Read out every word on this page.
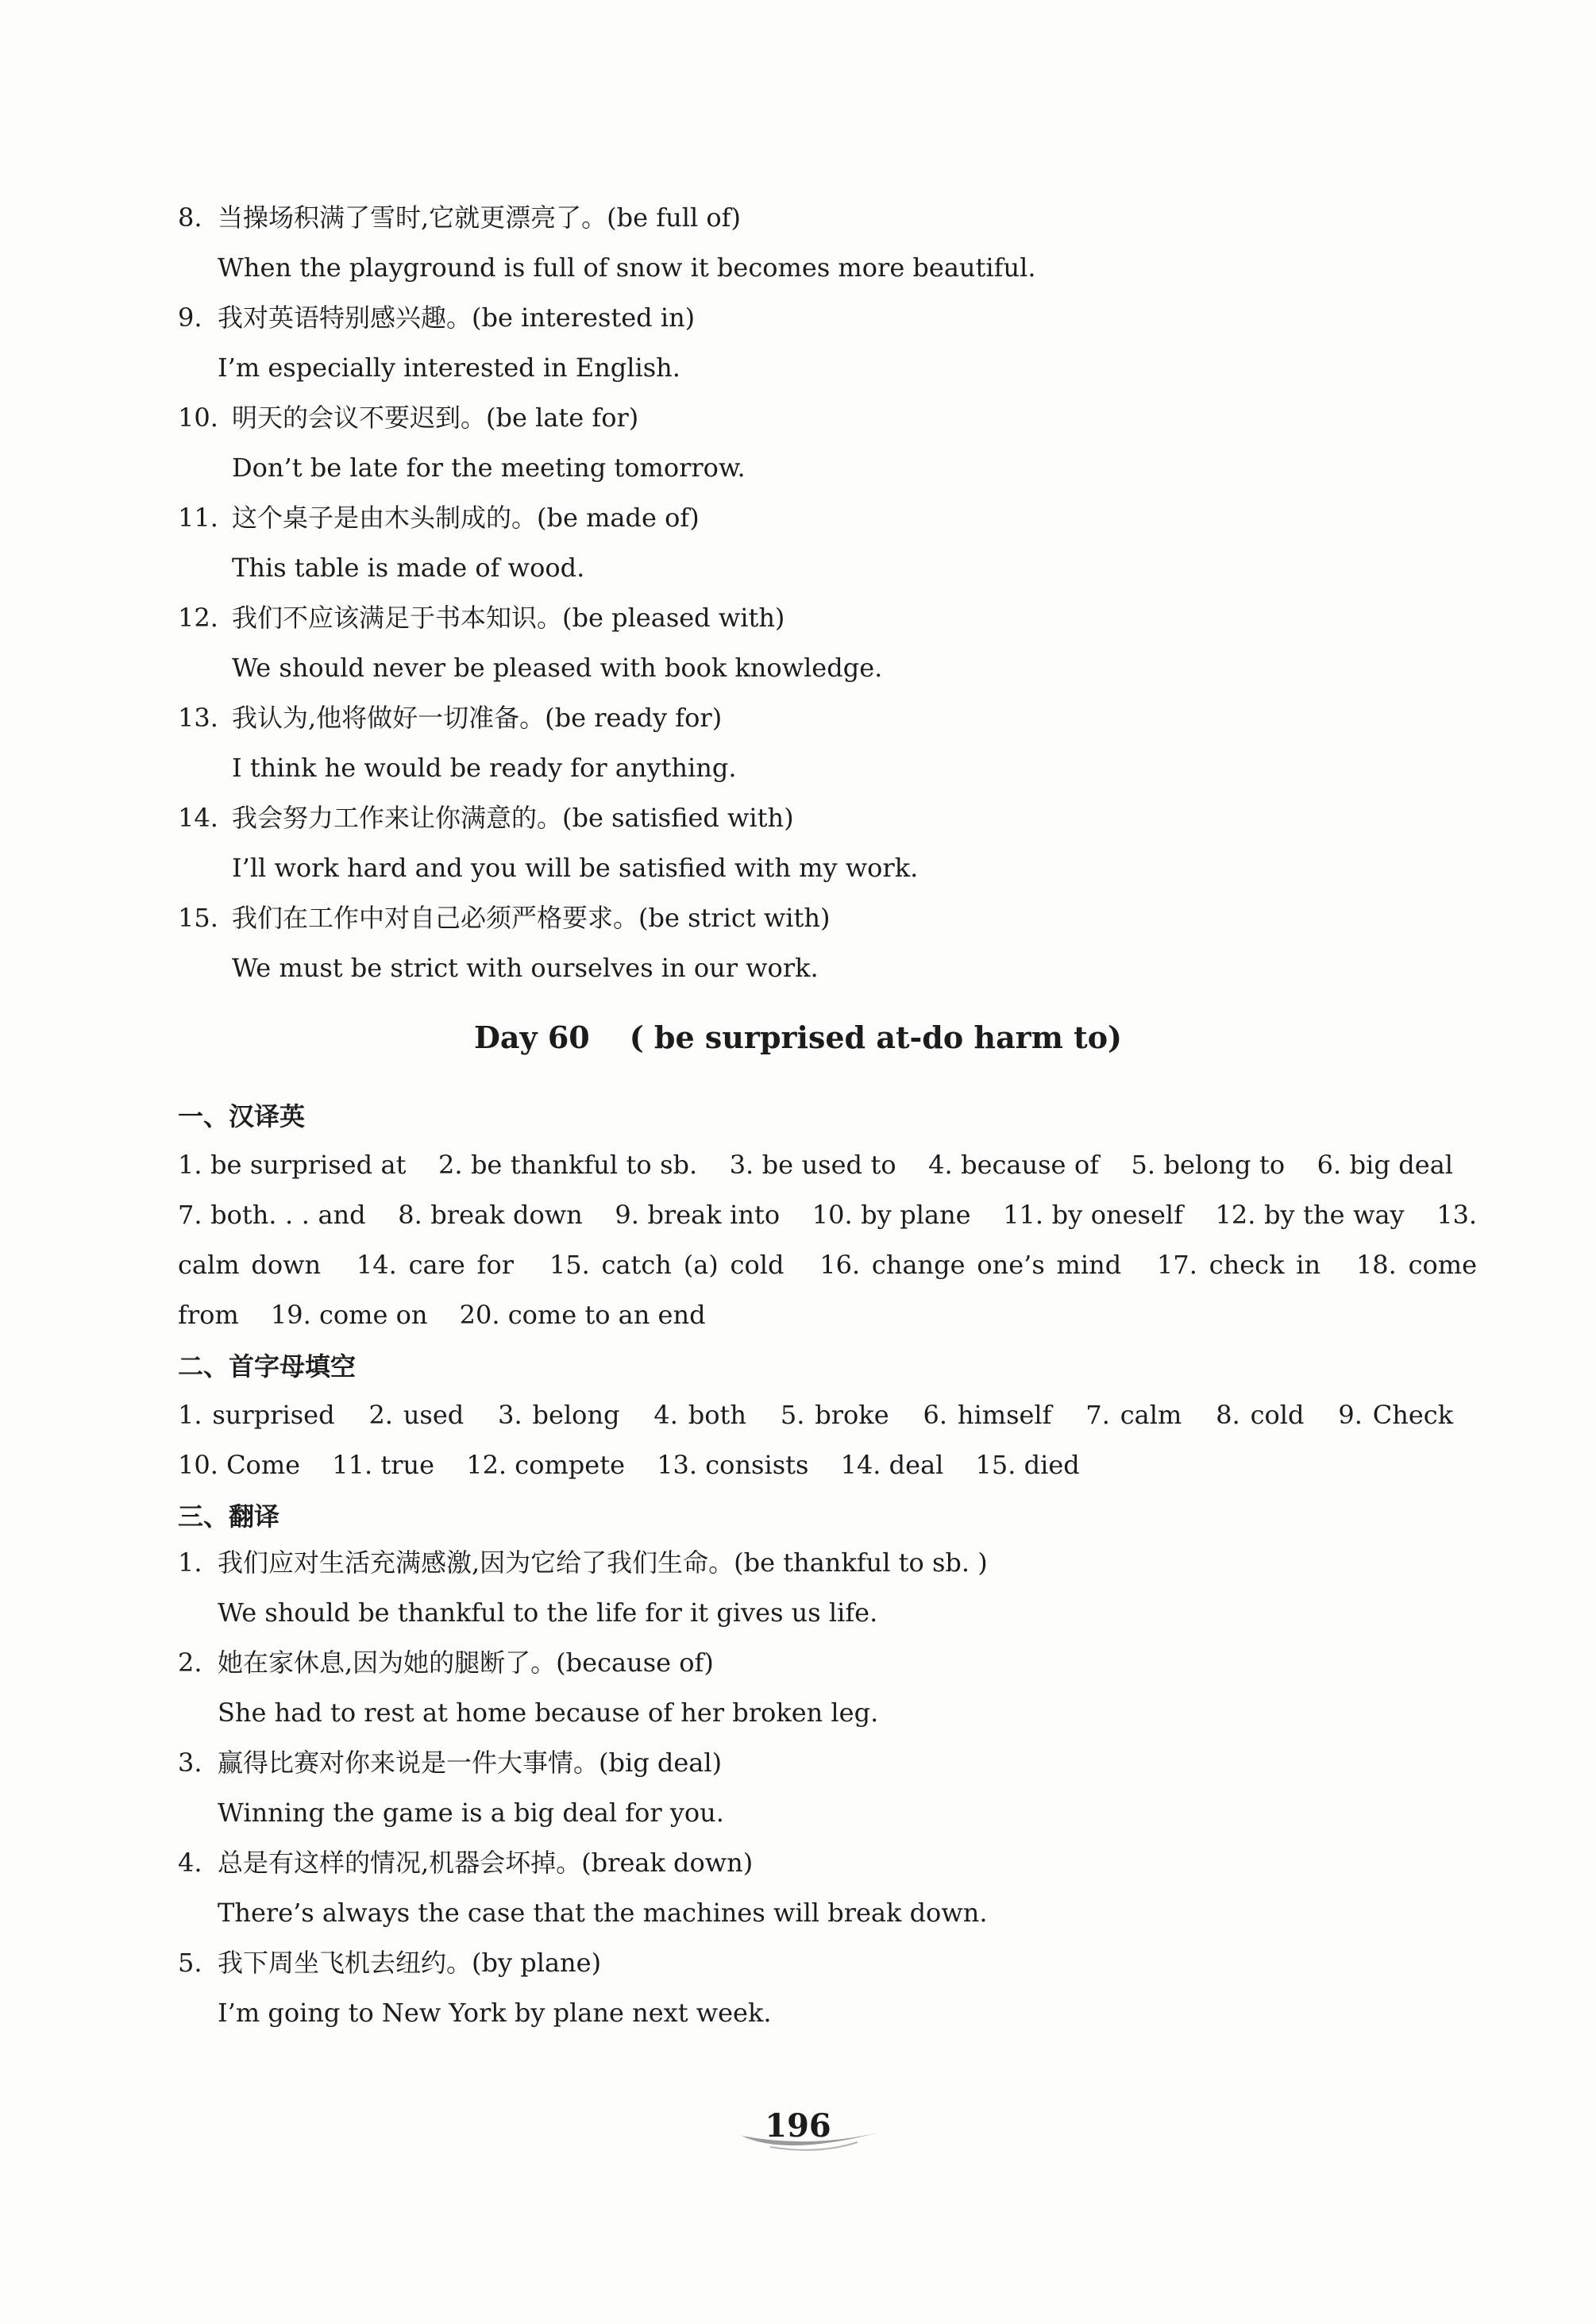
8. 当操场积满了雪时,它就更漂亮了。(be full of)
When the playground is full of snow it becomes more beautiful.
9. 我对英语特别感兴趣。(be interested in)
I’m especially interested in English.
10. 明天的会议不要迟到。(be late for)
Don’t be late for the meeting tomorrow.
11. 这个桌子是由木头制成的。(be made of)
This table is made of wood.
12. 我们不应该满足于书本知识。(be pleased with)
We should never be pleased with book knowledge.
13. 我认为,他将做好一切准备。(be ready for)
I think he would be ready for anything.
14. 我会努力工作来让你满意的。(be satisfied with)
I’ll work hard and you will be satisfied with my work.
15. 我们在工作中对自己必须严格要求。(be strict with)
We must be strict with ourselves in our work.
Day 60 ( be surprised at-do harm to)
一、汉译英
1. be surprised at 2. be thankful to sb. 3. be used to 4. because of 5. belong to 6. big deal 7. both. . . and 8. break down 9. break into 10. by plane 11. by oneself 12. by the way 13. calm down 14. care for 15. catch (a) cold 16. change one’s mind 17. check in 18. come from 19. come on 20. come to an end
二、首字母填空
1. surprised 2. used 3. belong 4. both 5. broke 6. himself 7. calm 8. cold 9. Check 10. Come 11. true 12. compete 13. consists 14. deal 15. died
三、翻译
1. 我们应对生活充满感激,因为它给了我们生命。(be thankful to sb. )
We should be thankful to the life for it gives us life.
2. 她在家休息,因为她的腿断了。(because of)
She had to rest at home because of her broken leg.
3. 赢得比赛对你来说是一件大事情。(big deal)
Winning the game is a big deal for you.
4. 总是有这样的情况,机器会坏掉。(break down)
There’s always the case that the machines will break down.
5. 我下周坐飞机去纽约。(by plane)
I’m going to New York by plane next week.
196
